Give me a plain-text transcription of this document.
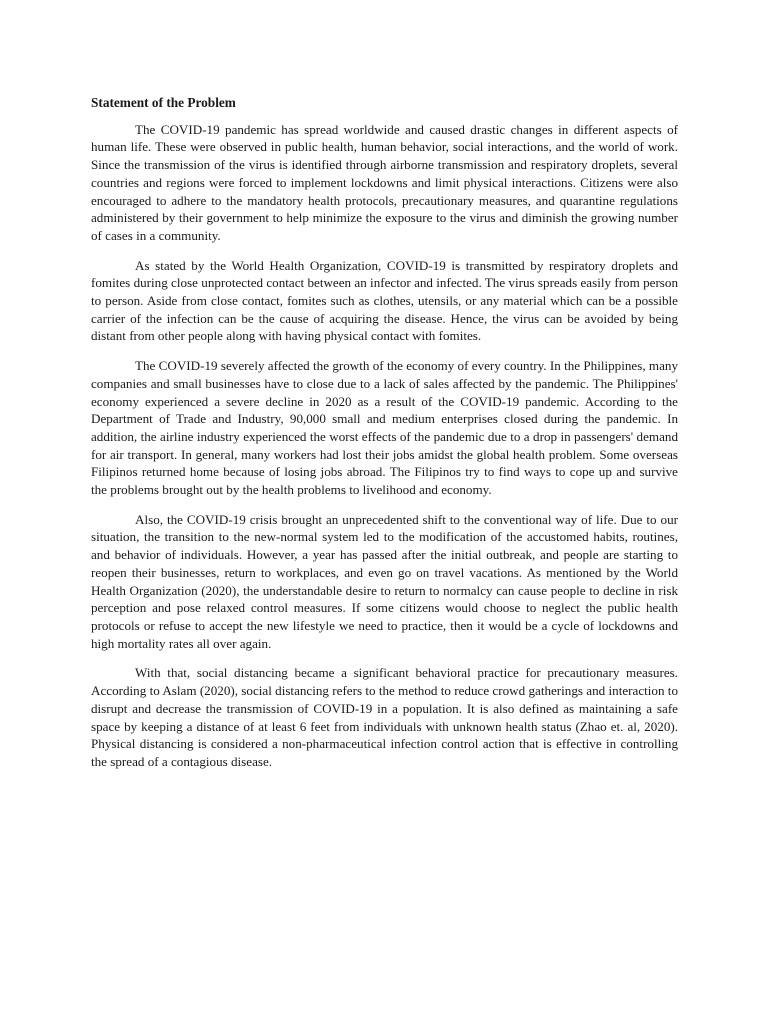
Statement of the Problem

The COVID-19 pandemic has spread worldwide and caused drastic changes in different aspects of human life. These were observed in public health, human behavior, social interactions, and the world of work. Since the transmission of the virus is identified through airborne transmission and respiratory droplets, several countries and regions were forced to implement lockdowns and limit physical interactions. Citizens were also encouraged to adhere to the mandatory health protocols, precautionary measures, and quarantine regulations administered by their government to help minimize the exposure to the virus and diminish the growing number of cases in a community.

As stated by the World Health Organization, COVID-19 is transmitted by respiratory droplets and fomites during close unprotected contact between an infector and infected. The virus spreads easily from person to person. Aside from close contact, fomites such as clothes, utensils, or any material which can be a possible carrier of the infection can be the cause of acquiring the disease. Hence, the virus can be avoided by being distant from other people along with having physical contact with fomites.

The COVID-19 severely affected the growth of the economy of every country. In the Philippines, many companies and small businesses have to close due to a lack of sales affected by the pandemic. The Philippines' economy experienced a severe decline in 2020 as a result of the COVID-19 pandemic. According to the Department of Trade and Industry, 90,000 small and medium enterprises closed during the pandemic. In addition, the airline industry experienced the worst effects of the pandemic due to a drop in passengers' demand for air transport. In general, many workers had lost their jobs amidst the global health problem. Some overseas Filipinos returned home because of losing jobs abroad. The Filipinos try to find ways to cope up and survive the problems brought out by the health problems to livelihood and economy.

Also, the COVID-19 crisis brought an unprecedented shift to the conventional way of life. Due to our situation, the transition to the new-normal system led to the modification of the accustomed habits, routines, and behavior of individuals. However, a year has passed after the initial outbreak, and people are starting to reopen their businesses, return to workplaces, and even go on travel vacations. As mentioned by the World Health Organization (2020), the understandable desire to return to normalcy can cause people to decline in risk perception and pose relaxed control measures. If some citizens would choose to neglect the public health protocols or refuse to accept the new lifestyle we need to practice, then it would be a cycle of lockdowns and high mortality rates all over again.

With that, social distancing became a significant behavioral practice for precautionary measures. According to Aslam (2020), social distancing refers to the method to reduce crowd gatherings and interaction to disrupt and decrease the transmission of COVID-19 in a population. It is also defined as maintaining a safe space by keeping a distance of at least 6 feet from individuals with unknown health status (Zhao et. al, 2020). Physical distancing is considered a non-pharmaceutical infection control action that is effective in controlling the spread of a contagious disease.
